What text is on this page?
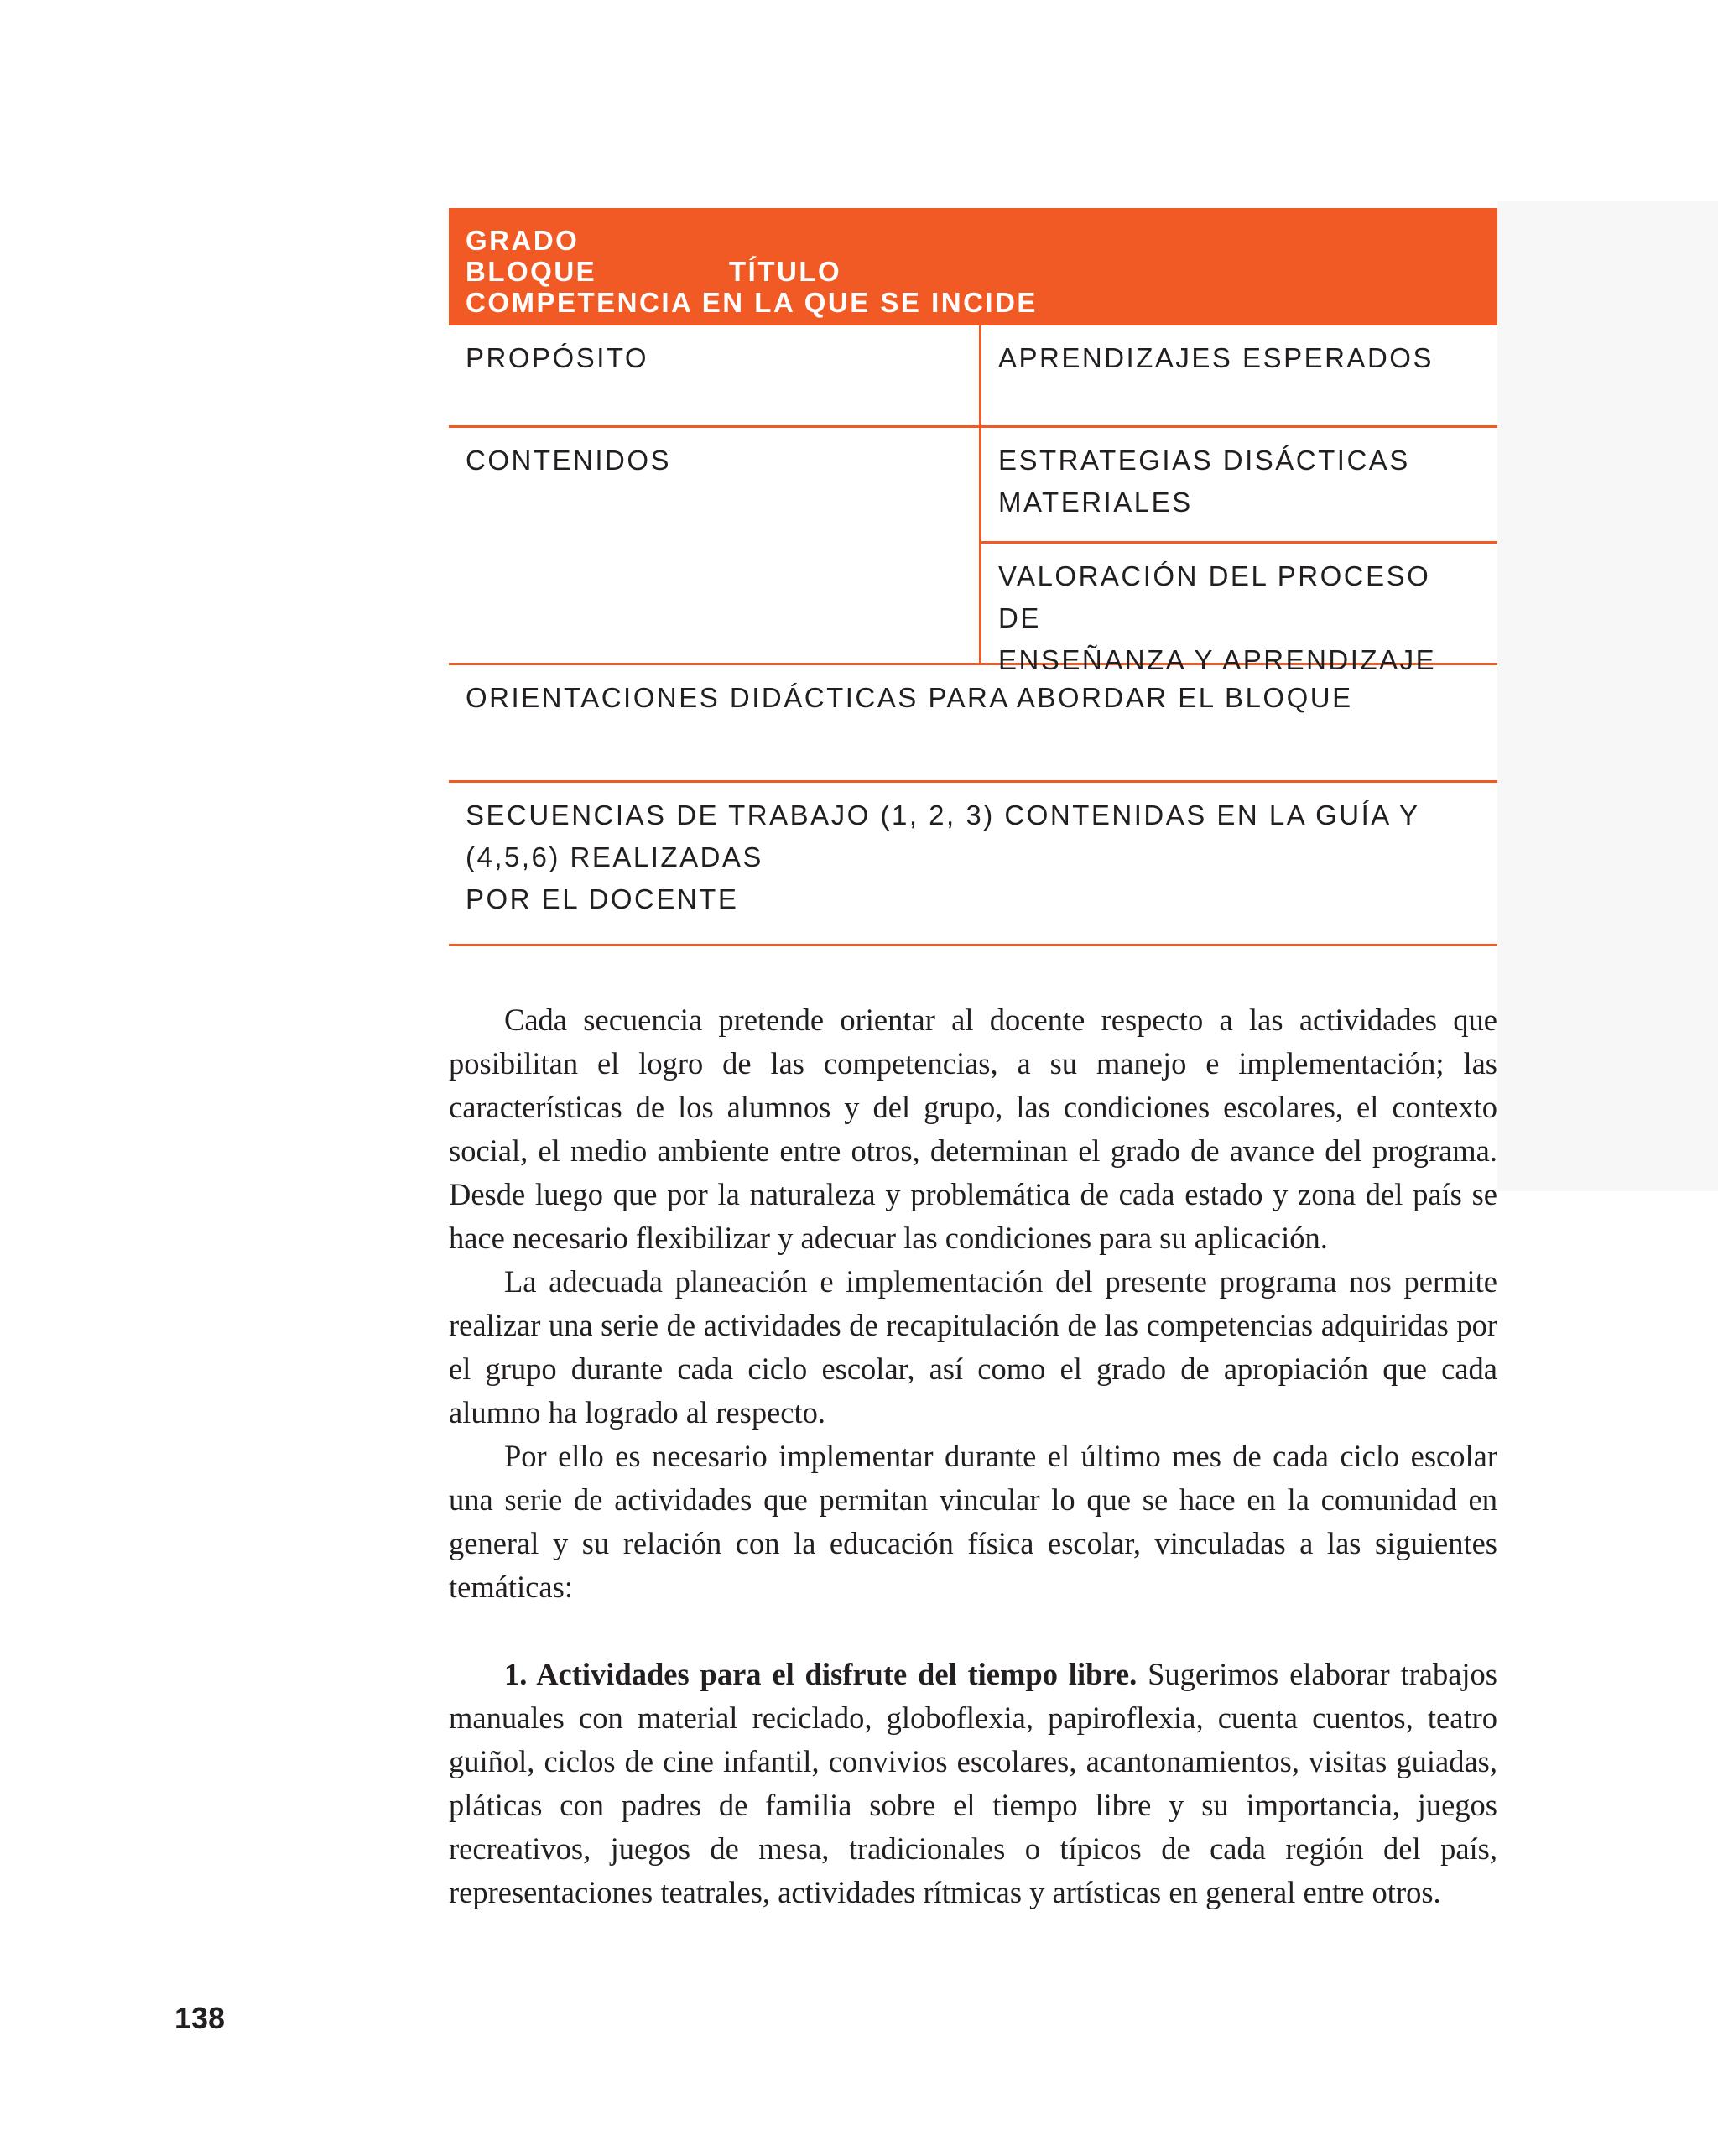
GRADO
BLOQUE	TÍTULO
COMPETENCIA EN LA QUE SE INCIDE
PROPÓSITO	APRENDIZAJES ESPERADOS
CONTENIDOS	ESTRATEGIAS DISÁCTICAS MATERIALES
VALORACIÓN DEL PROCESO DE
ENSEÑANZA Y APRENDIZAJE
ORIENTACIONES DIDÁCTICAS PARA ABORDAR EL BLOQUE
SECUENCIAS DE TRABAJO (1, 2, 3) CONTENIDAS EN LA GUÍA Y (4,5,6) REALIZADAS
POR EL DOCENTE

Cada secuencia pretende orientar al docente respecto a las actividades que posibilitan el logro de las competencias, a su manejo e implementación; las características de los alumnos y del grupo, las condiciones escolares, el contexto social, el medio ambiente entre otros, determinan el grado de avance del programa. Desde luego que por la naturaleza y problemática de cada estado y zona del país se hace necesario flexibilizar y adecuar las condiciones para su aplicación.

La adecuada planeación e implementación del presente programa nos permite realizar una serie de actividades de recapitulación de las competencias adquiridas por el grupo durante cada ciclo escolar, así como el grado de apropiación que cada alumno ha logrado al respecto.

Por ello es necesario implementar durante el último mes de cada ciclo escolar una serie de actividades que permitan vincular lo que se hace en la comunidad en general y su relación con la educación física escolar, vinculadas a las siguientes temáticas:

1. Actividades para el disfrute del tiempo libre. Sugerimos elaborar trabajos manuales con material reciclado, globoflexia, papiroflexia, cuenta cuentos, teatro guiñol, ciclos de cine infantil, convivios escolares, acantonamientos, visitas guiadas, pláticas con padres de familia sobre el tiempo libre y su importancia, juegos recreativos, juegos de mesa, tradicionales o típicos de cada región del país, representaciones teatrales, actividades rítmicas y artísticas en general entre otros.

138
